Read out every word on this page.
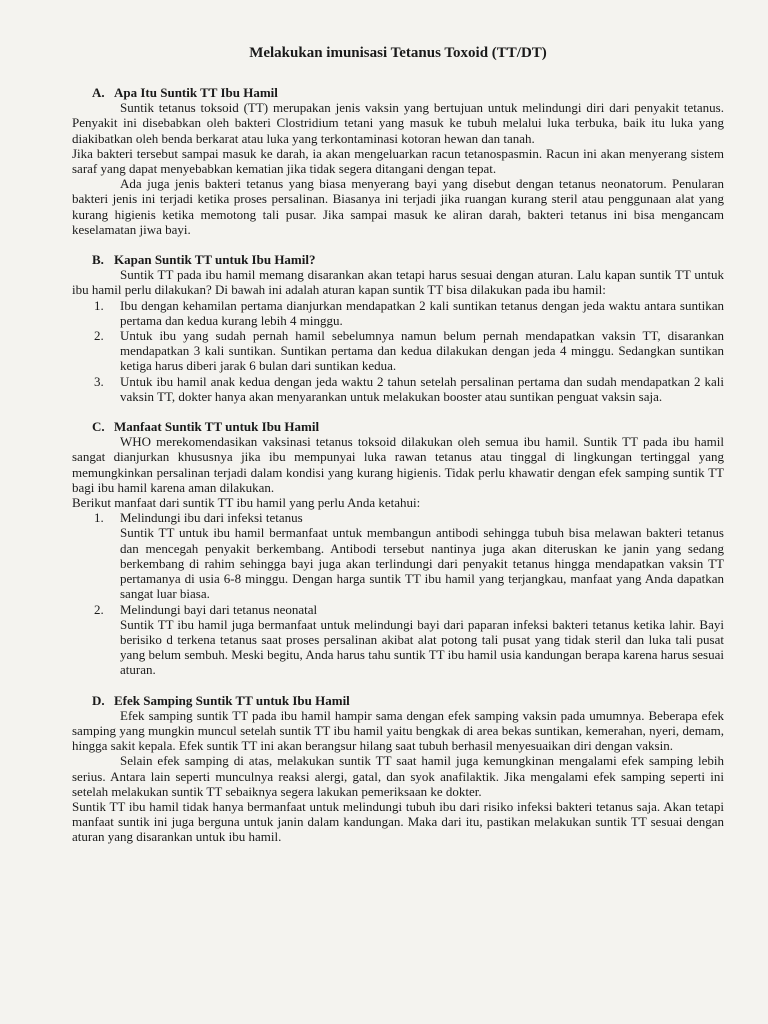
Melakukan imunisasi Tetanus Toxoid (TT/DT)
A. Apa Itu Suntik TT Ibu Hamil

Suntik tetanus toksoid (TT) merupakan jenis vaksin yang bertujuan untuk melindungi diri dari penyakit tetanus. Penyakit ini disebabkan oleh bakteri Clostridium tetani yang masuk ke tubuh melalui luka terbuka, baik itu luka yang diakibatkan oleh benda berkarat atau luka yang terkontaminasi kotoran hewan dan tanah.

Jika bakteri tersebut sampai masuk ke darah, ia akan mengeluarkan racun tetanospasmin. Racun ini akan menyerang sistem saraf yang dapat menyebabkan kematian jika tidak segera ditangani dengan tepat.

Ada juga jenis bakteri tetanus yang biasa menyerang bayi yang disebut dengan tetanus neonatorum. Penularan bakteri jenis ini terjadi ketika proses persalinan. Biasanya ini terjadi jika ruangan kurang steril atau penggunaan alat yang kurang higienis ketika memotong tali pusar. Jika sampai masuk ke aliran darah, bakteri tetanus ini bisa mengancam keselamatan jiwa bayi.

B. Kapan Suntik TT untuk Ibu Hamil?

Suntik TT pada ibu hamil memang disarankan akan tetapi harus sesuai dengan aturan. Lalu kapan suntik TT untuk ibu hamil perlu dilakukan? Di bawah ini adalah aturan kapan suntik TT bisa dilakukan pada ibu hamil:

1.	Ibu dengan kehamilan pertama dianjurkan mendapatkan 2 kali suntikan tetanus dengan jeda waktu antara suntikan pertama dan kedua kurang lebih 4 minggu.
2.	Untuk ibu yang sudah pernah hamil sebelumnya namun belum pernah mendapatkan vaksin TT, disarankan mendapatkan 3 kali suntikan. Suntikan pertama dan kedua dilakukan dengan jeda 4 minggu. Sedangkan suntikan ketiga harus diberi jarak 6 bulan dari suntikan kedua.
3.	Untuk ibu hamil anak kedua dengan jeda waktu 2 tahun setelah persalinan pertama dan sudah mendapatkan 2 kali vaksin TT, dokter hanya akan menyarankan untuk melakukan booster atau suntikan penguat vaksin saja.
C. Manfaat Suntik TT untuk Ibu Hamil

WHO merekomendasikan vaksinasi tetanus toksoid dilakukan oleh semua ibu hamil. Suntik TT pada ibu hamil sangat dianjurkan khususnya jika ibu mempunyai luka rawan tetanus atau tinggal di lingkungan tertinggal yang memungkinkan persalinan terjadi dalam kondisi yang kurang higienis. Tidak perlu khawatir dengan efek samping suntik TT bagi ibu hamil karena aman dilakukan.

Berikut manfaat dari suntik TT ibu hamil yang perlu Anda ketahui:

1.	Melindungi ibu dari infeksi tetanus
Suntik TT untuk ibu hamil bermanfaat untuk membangun antibodi sehingga tubuh bisa melawan bakteri tetanus dan mencegah penyakit berkembang. Antibodi tersebut nantinya juga akan diteruskan ke janin yang sedang berkembang di rahim sehingga bayi juga akan terlindungi dari penyakit tetanus hingga mendapatkan vaksin TT pertamanya di usia 6-8 minggu. Dengan harga suntik TT ibu hamil yang terjangkau, manfaat yang Anda dapatkan sangat luar biasa.
2.	Melindungi bayi dari tetanus neonatal
Suntik TT ibu hamil juga bermanfaat untuk melindungi bayi dari paparan infeksi bakteri tetanus ketika lahir. Bayi berisiko d terkena tetanus saat proses persalinan akibat alat potong tali pusat yang tidak steril dan luka tali pusat yang belum sembuh. Meski begitu, Anda harus tahu suntik TT ibu hamil usia kandungan berapa karena harus sesuai aturan.
D. Efek Samping Suntik TT untuk Ibu Hamil

Efek samping suntik TT pada ibu hamil hampir sama dengan efek samping vaksin pada umumnya. Beberapa efek samping yang mungkin muncul setelah suntik TT ibu hamil yaitu bengkak di area bekas suntikan, kemerahan, nyeri, demam, hingga sakit kepala. Efek suntik TT ini akan berangsur hilang saat tubuh berhasil menyesuaikan diri dengan vaksin.

Selain efek samping di atas, melakukan suntik TT saat hamil juga kemungkinan mengalami efek samping lebih serius. Antara lain seperti munculnya reaksi alergi, gatal, dan syok anafilaktik. Jika mengalami efek samping seperti ini setelah melakukan suntik TT sebaiknya segera lakukan pemeriksaan ke dokter.

Suntik TT ibu hamil tidak hanya bermanfaat untuk melindungi tubuh ibu dari risiko infeksi bakteri tetanus saja. Akan tetapi manfaat suntik ini juga berguna untuk janin dalam kandungan. Maka dari itu, pastikan melakukan suntik TT sesuai dengan aturan yang disarankan untuk ibu hamil.
